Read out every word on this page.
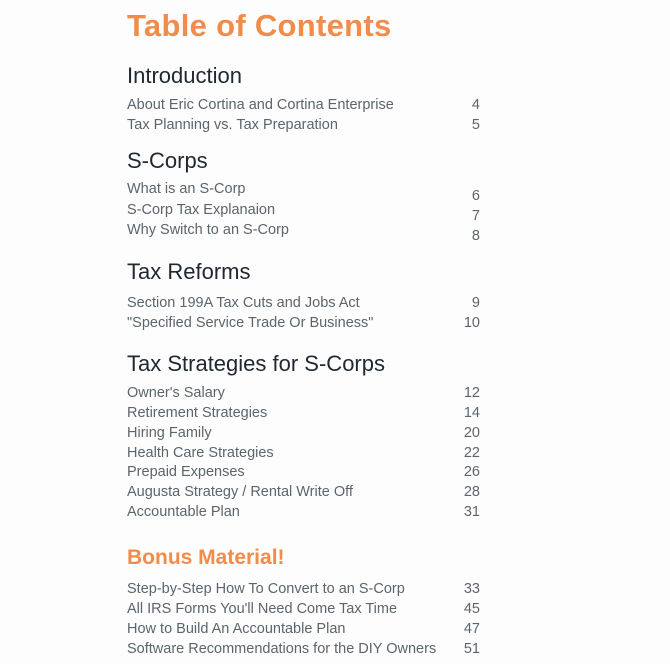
Table of Contents
Introduction
About Eric Cortina and Cortina Enterprise	4
Tax Planning vs. Tax Preparation	5
S-Corps
What is an S-Corp	6
S-Corp Tax Explanaion	7
Why Switch to an S-Corp	8
Tax Reforms
Section 199A Tax Cuts and Jobs Act	9
"Specified Service Trade Or Business"	10
Tax Strategies for S-Corps
Owner's Salary	12
Retirement Strategies	14
Hiring Family	20
Health Care Strategies	22
Prepaid Expenses	26
Augusta Strategy / Rental Write Off	28
Accountable Plan	31
Bonus Material!
Step-by-Step How To Convert to an S-Corp	33
All IRS Forms You'll Need Come Tax Time	45
How to Build An Accountable Plan	47
Software Recommendations for the DIY Owners	51
